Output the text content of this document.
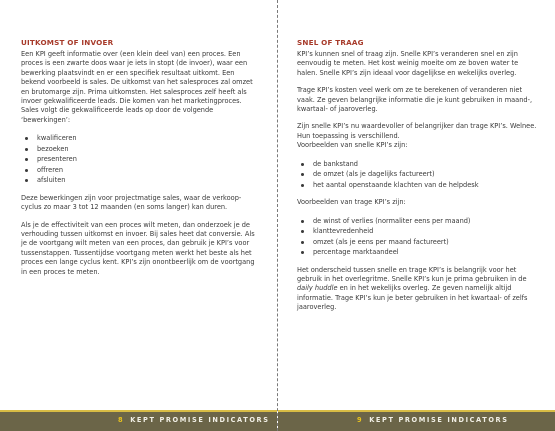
UITKOMST OF INVOER

Een KPI geeft informatie over (een klein deel van) een proces. Een proces is een zwarte doos waar je iets in stopt (de invoer), waar een bewerking plaatsvindt en er een specifiek resultaat uitkomt. Een bekend voorbeeld is sales. De uitkomst van het salesproces zal omzet en brutomarge zijn. Prima uitkomsten. Het salesproces zelf heeft als invoer gekwalificeerde leads. Die komen van het marketingproces. Sales volgt die gekwalificeerde leads op door de volgende ‘bewerkingen’:

kwalificeren
bezoeken
presenteren
offreren
afsluiten

Deze bewerkingen zijn voor projectmatige sales, waar de verkoop-cyclus zo maar 3 tot 12 maanden (en soms langer) kan duren.

Als je de effectiviteit van een proces wilt meten, dan onderzoek je de verhouding tussen uitkomst en invoer. Bij sales heet dat conversie. Als je de voortgang wilt meten van een proces, dan gebruik je KPI’s voor tussenstappen. Tussentijdse voortgang meten werkt het beste als het proces een lange cyclus kent. KPI’s zijn onontbeerlijk om de voortgang in een proces te meten.

8 KEPT PROMISE INDICATORS
SNEL OF TRAAG

KPI’s kunnen snel of traag zijn. Snelle KPI’s veranderen snel en zijn eenvoudig te meten. Het kost weinig moeite om ze boven water te halen. Snelle KPI’s zijn ideaal voor dagelijkse en wekelijks overleg.

Trage KPI’s kosten veel werk om ze te berekenen of veranderen niet vaak. Ze geven belangrijke informatie die je kunt gebruiken in maand-, kwartaal- of jaaroverleg.

Zijn snelle KPI’s nu waardevoller of belangrijker dan trage KPI’s. Welnee. Hun toepassing is verschillend.

Voorbeelden van snelle KPI’s zijn:

de bankstand
de omzet (als je dagelijks factureert)
het aantal openstaande klachten van de helpdesk

Voorbeelden van trage KPI’s zijn:

de winst of verlies (normaliter eens per maand)
klanttevredenheid
omzet (als je eens per maand factureert)
percentage marktaandeel

Het onderscheid tussen snelle en trage KPI’s is belangrijk voor het gebruik in het overlegritme. Snelle KPI’s kun je prima gebruiken in de daily huddle en in het wekelijks overleg. Ze geven namelijk altijd informatie. Trage KPI’s kun je beter gebruiken in het kwartaal- of zelfs jaaroverleg.

9 KEPT PROMISE INDICATORS
